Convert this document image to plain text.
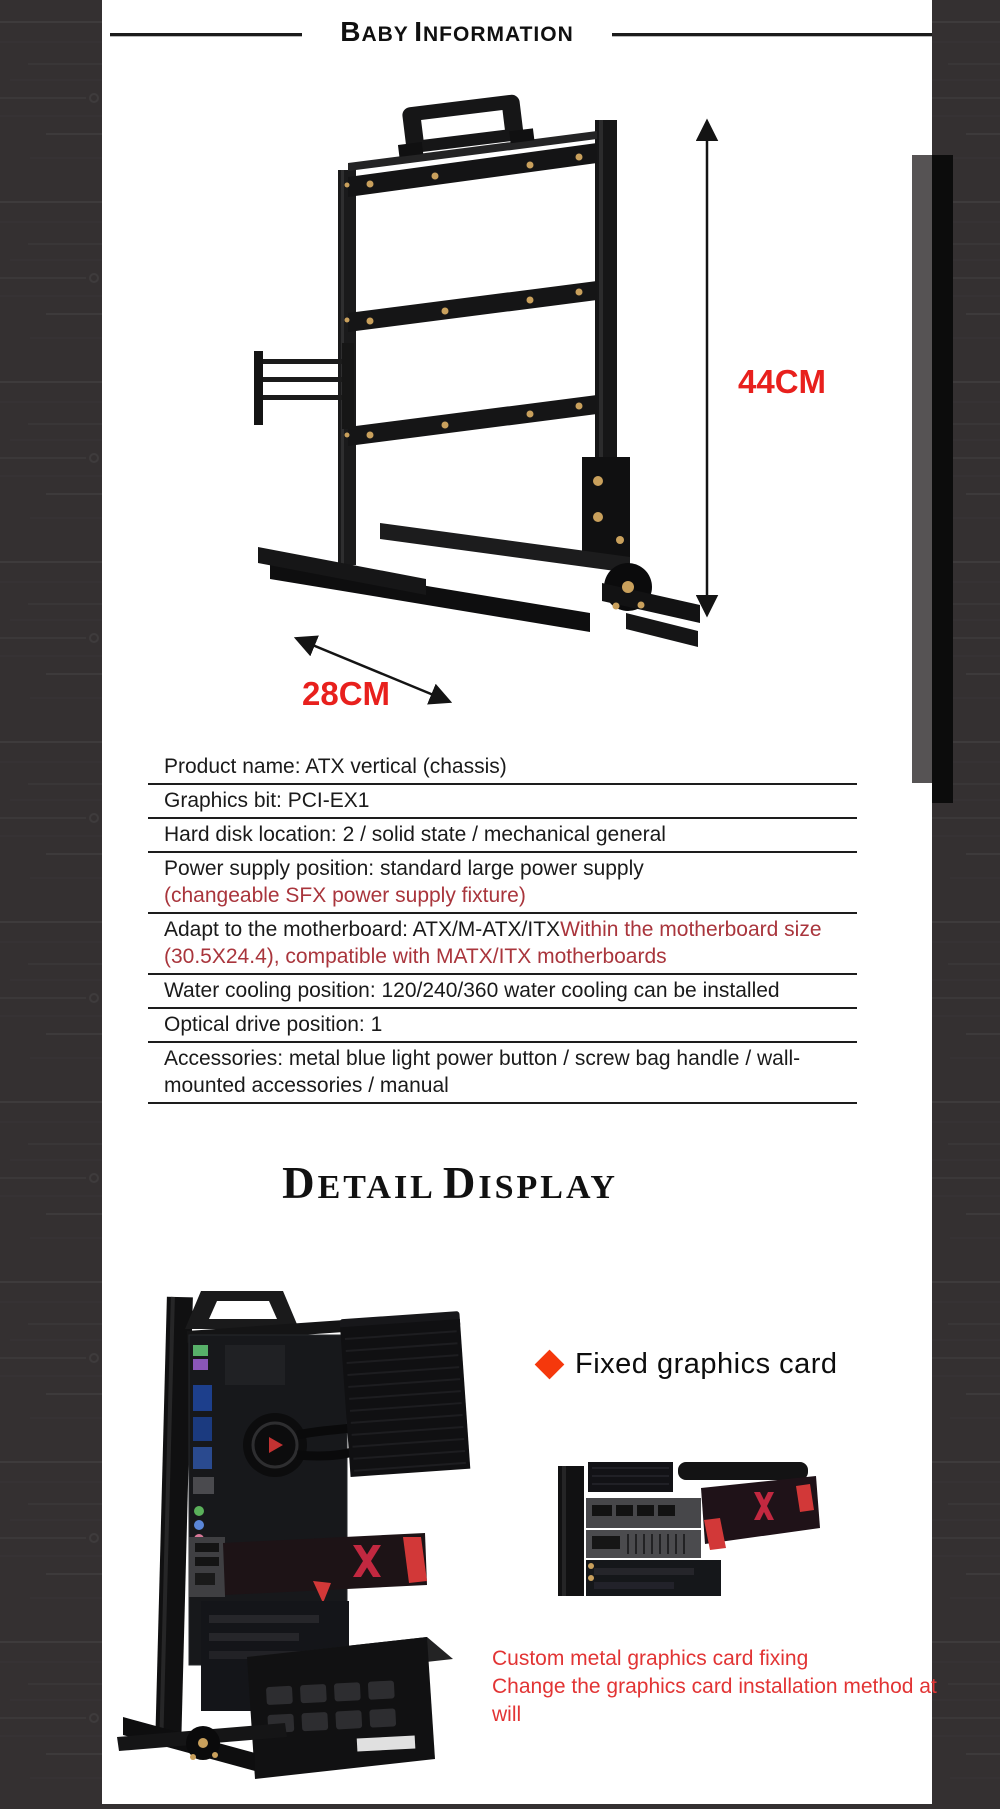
BABY INFORMATION
44CM
28CM
Product name: ATX vertical (chassis)
Graphics bit: PCI-EX1
Hard disk location: 2 / solid state / mechanical general
Power supply position: standard large power supply
(changeable SFX power supply fixture)
Adapt to the motherboard: ATX/M-ATX/ITXWithin the motherboard size (30.5X24.4), compatible with MATX/ITX motherboards
Water cooling position: 120/240/360 water cooling can be installed
Optical drive position: 1
Accessories: metal blue light power button / screw bag handle / wall-mounted accessories / manual
DETAIL DISPLAY
Fixed graphics card
Custom metal graphics card fixing
Change the graphics card installation method at will
